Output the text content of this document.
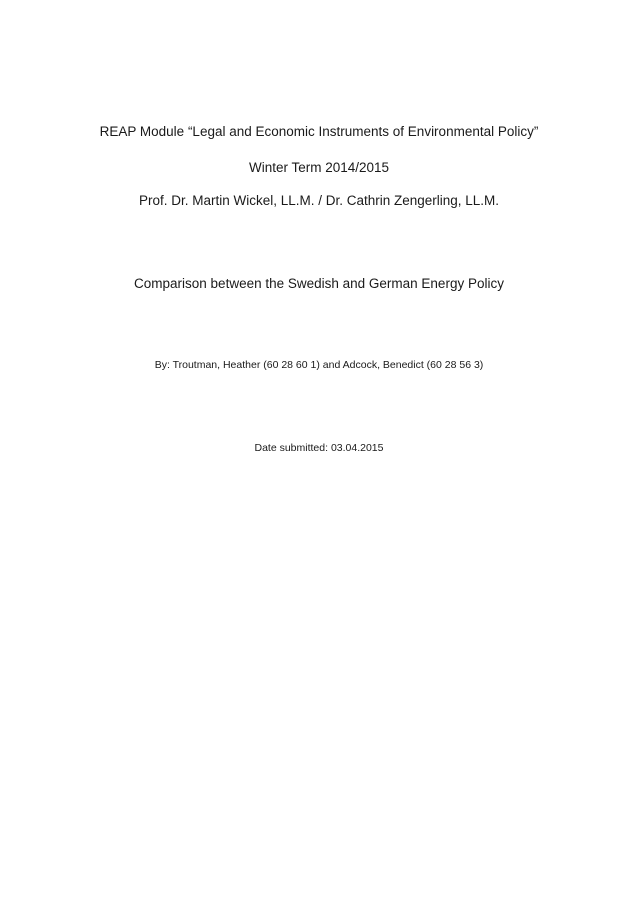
REAP Module “Legal and Economic Instruments of Environmental Policy”
Winter Term 2014/2015
Prof. Dr. Martin Wickel, LL.M. / Dr. Cathrin Zengerling, LL.M.
Comparison between the Swedish and German Energy Policy
By: Troutman, Heather (60 28 60 1) and Adcock, Benedict (60 28 56 3)
Date submitted: 03.04.2015
